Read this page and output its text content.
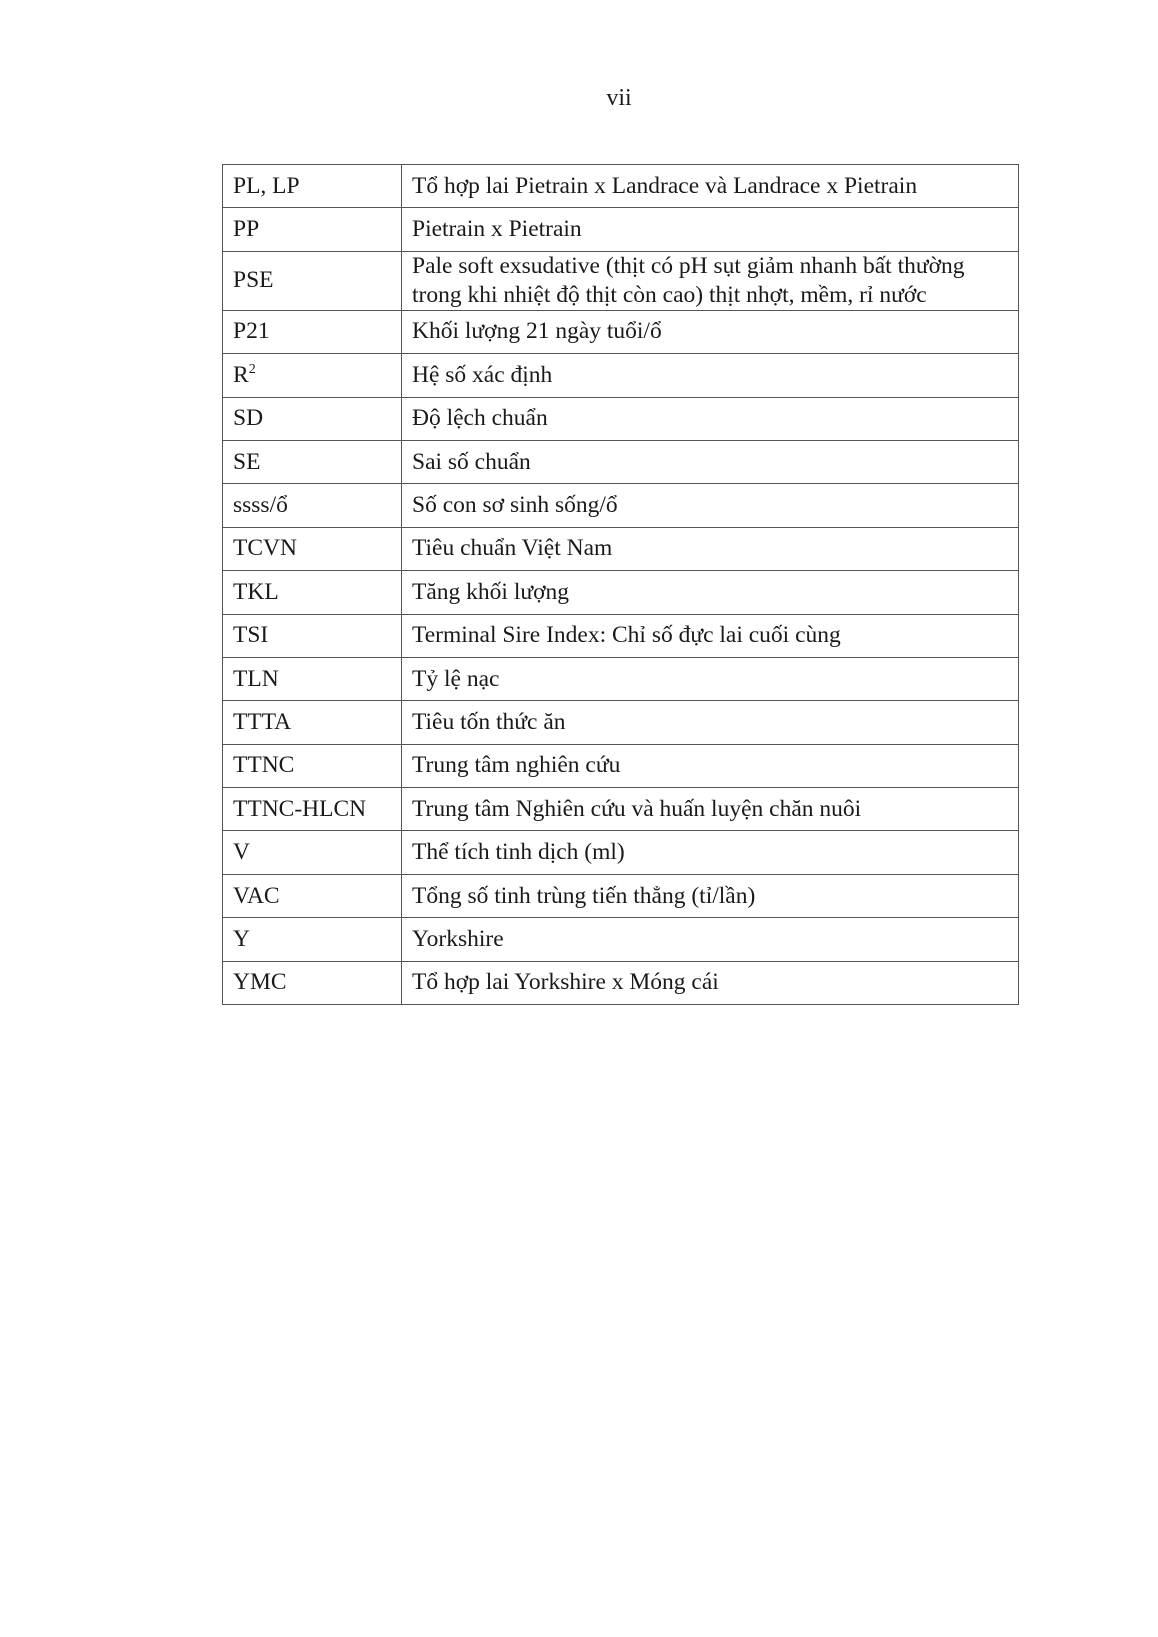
vii
PL, LP	Tổ hợp lai Pietrain x Landrace và Landrace x Pietrain
PP	Pietrain x Pietrain
PSE	Pale soft exsudative (thịt có pH sụt giảm nhanh bất thường trong khi nhiệt độ thịt còn cao) thịt nhợt, mềm, rỉ nước
P21	Khối lượng 21 ngày tuổi/ổ
$R^2$	Hệ số xác định
SD	Độ lệch chuẩn
SE	Sai số chuẩn
ssss/ổ	Số con sơ sinh sống/ổ
TCVN	Tiêu chuẩn Việt Nam
TKL	Tăng khối lượng
TSI	Terminal Sire Index: Chỉ số đực lai cuối cùng
TLN	Tỷ lệ nạc
TTTA	Tiêu tốn thức ăn
TTNC	Trung tâm nghiên cứu
TTNC-HLCN	Trung tâm Nghiên cứu và huấn luyện chăn nuôi
V	Thể tích tinh dịch (ml)
VAC	Tổng số tinh trùng tiến thẳng (tỉ/lần)
Y	Yorkshire
YMC	Tổ hợp lai Yorkshire x Móng cái
